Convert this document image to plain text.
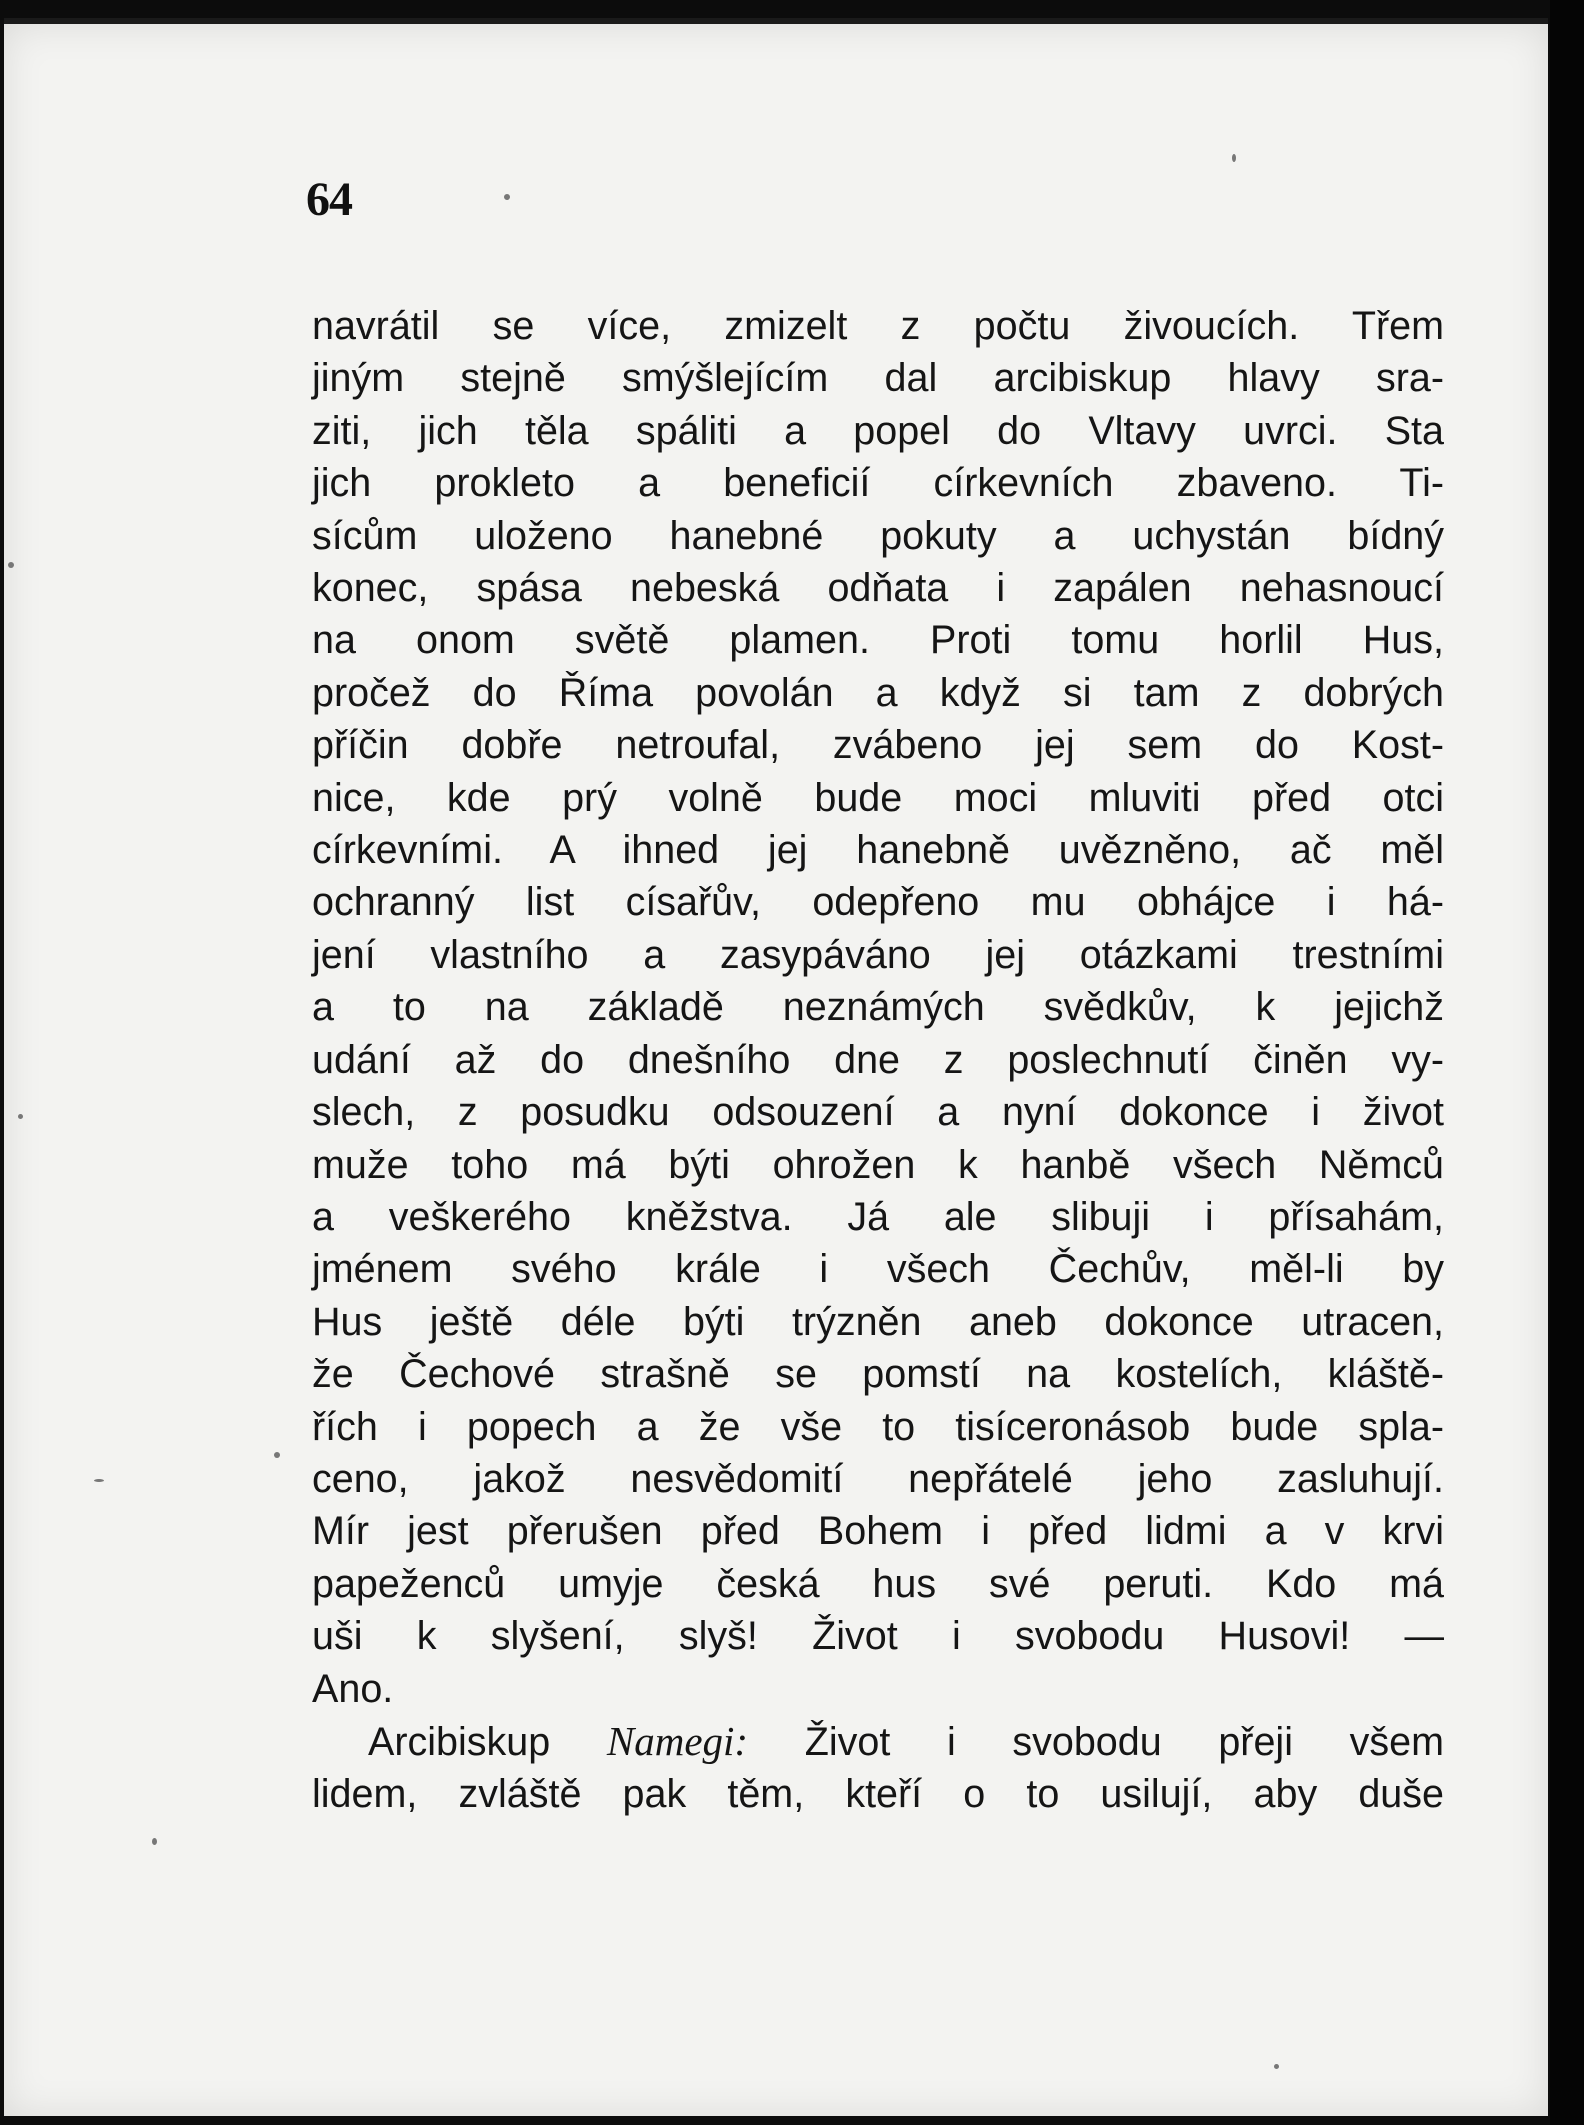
64
navrátil se více, zmizelt z počtu živoucích. Třem
jiným stejně smýšlejícím dal arcibiskup hlavy sra-
ziti, jich těla spáliti a popel do Vltavy uvrci. Sta
jich prokleto a beneficií církevních zbaveno. Ti-
sícům uloženo hanebné pokuty a uchystán bídný
konec, spása nebeská odňata i zapálen nehasnoucí
na onom světě plamen. Proti tomu horlil Hus,
pročež do Říma povolán a když si tam z dobrých
příčin dobře netroufal, zvábeno jej sem do Kost-
nice, kde prý volně bude moci mluviti před otci
církevními. A ihned jej hanebně uvězněno, ač měl
ochranný list císařův, odepřeno mu obhájce i há-
jení vlastního a zasypáváno jej otázkami trestními
a to na základě neznámých svědkův, k jejichž
udání až do dnešního dne z poslechnutí činěn vy-
slech, z posudku odsouzení a nyní dokonce i život
muže toho má býti ohrožen k hanbě všech Němců
a veškerého kněžstva. Já ale slibuji i přísahám,
jménem svého krále i všech Čechův, měl-li by
Hus ještě déle býti trýzněn aneb dokonce utracen,
že Čechové strašně se pomstí na kostelích, kláště-
řích i popech a že vše to tisíceronásob bude spla-
ceno, jakož nesvědomití nepřátelé jeho zasluhují.
Mír jest přerušen před Bohem i před lidmi a v krvi
papeženců umyje česká hus své peruti. Kdo má
uši k slyšení, slyš! Život i svobodu Husovi! —
Ano.
Arcibiskup Namegi: Život i svobodu přeji všem
lidem, zvláště pak těm, kteří o to usilují, aby duše
